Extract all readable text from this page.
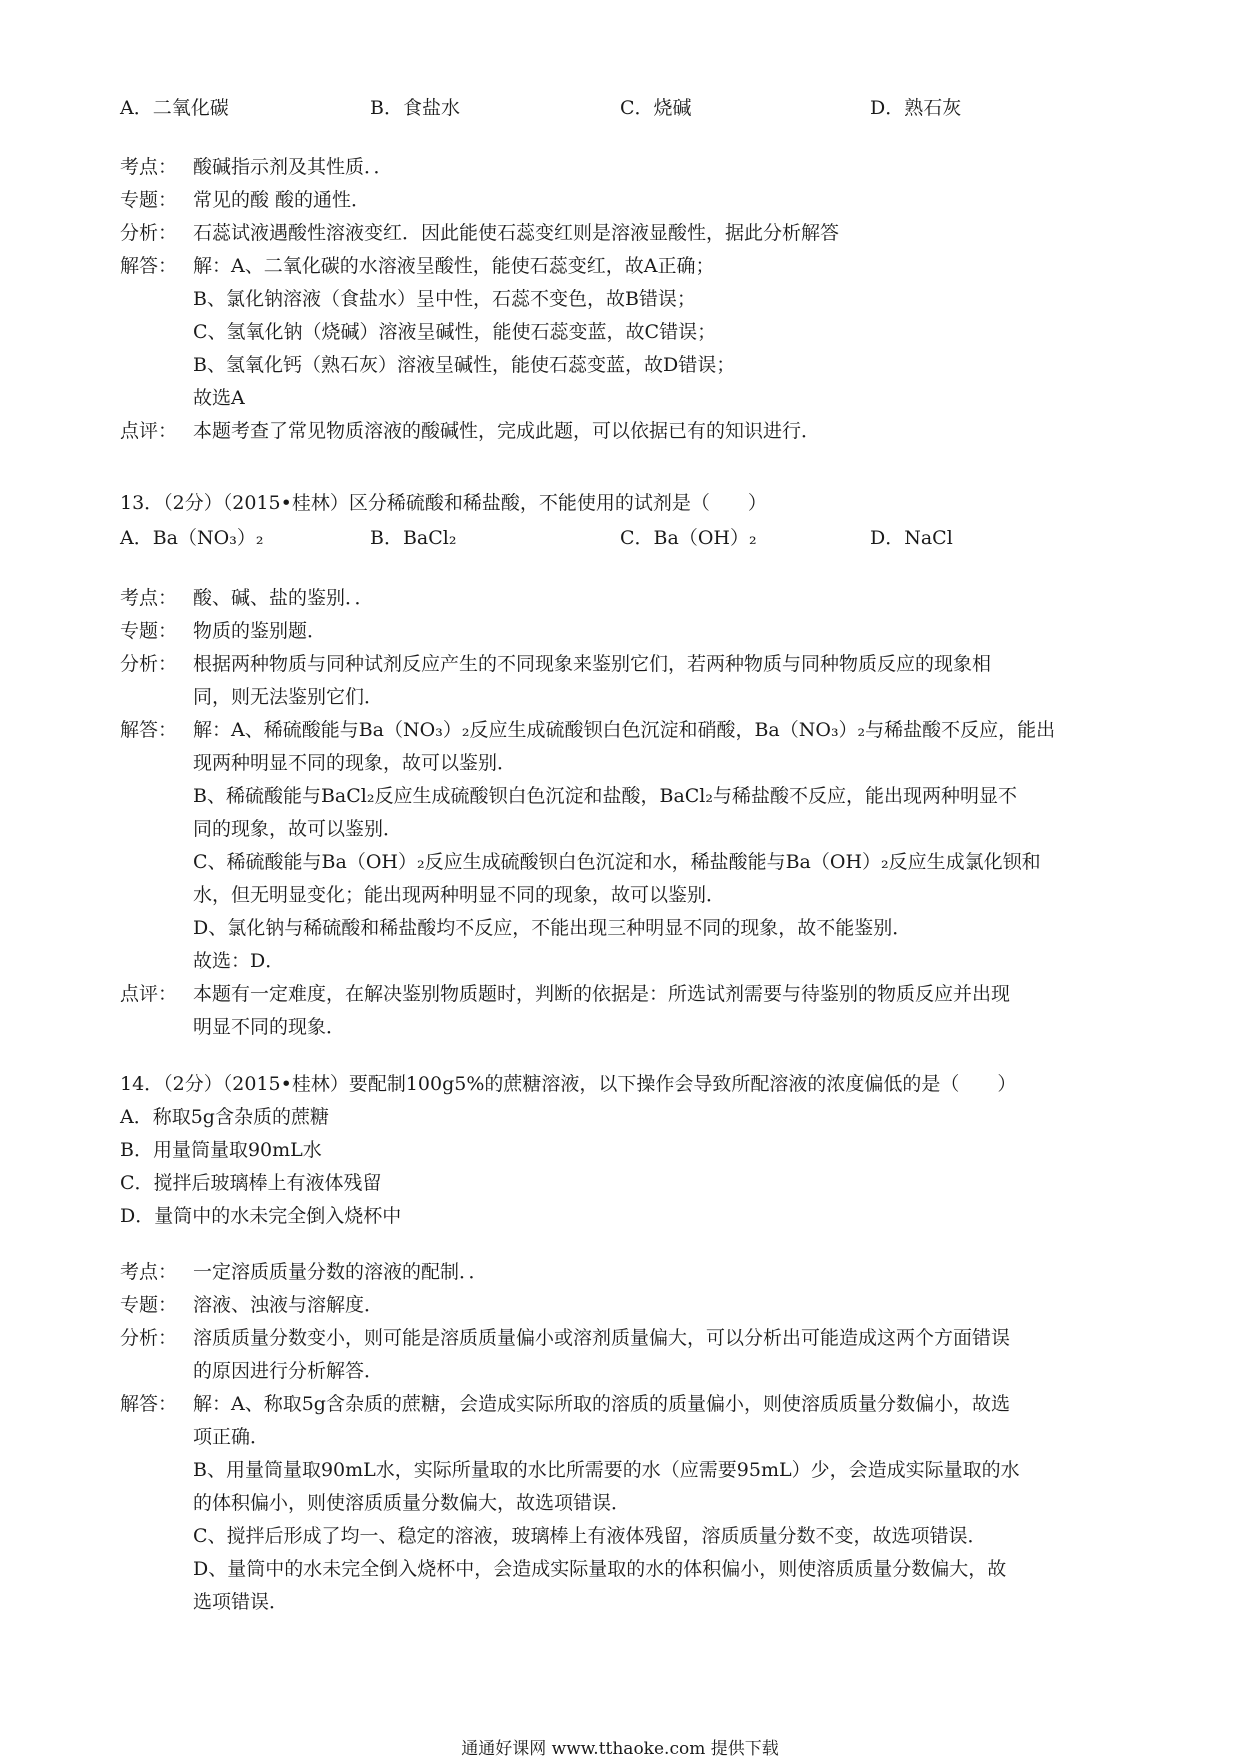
A．二氧化碳	B．食盐水	C．烧碱	D．熟石灰
考点： 酸碱指示剂及其性质．．

专题： 常见的酸 酸的通性．

分析： 石蕊试液遇酸性溶液变红．因此能使石蕊变红则是溶液显酸性，据此分析解答

解答： 解：A、二氧化碳的水溶液呈酸性，能使石蕊变红，故A正确；

B、氯化钠溶液（食盐水）呈中性，石蕊不变色，故B错误；

C、氢氧化钠（烧碱）溶液呈碱性，能使石蕊变蓝，故C错误；

B、氢氧化钙（熟石灰）溶液呈碱性，能使石蕊变蓝，故D错误；

故选A

点评： 本题考查了常见物质溶液的酸碱性，完成此题，可以依据已有的知识进行．

13．（2分）（2015•桂林）区分稀硫酸和稀盐酸，不能使用的试剂是（　　）
A．Ba（NO₃）₂	B．BaCl₂	C．Ba（OH）₂	D．NaCl
考点： 酸、碱、盐的鉴别．．

专题： 物质的鉴别题．

分析： 根据两种物质与同种试剂反应产生的不同现象来鉴别它们，若两种物质与同种物质反应的现象相

同，则无法鉴别它们．

解答： 解：A、稀硫酸能与Ba（NO₃）₂反应生成硫酸钡白色沉淀和硝酸，Ba（NO₃）₂与稀盐酸不反应，能出

现两种明显不同的现象，故可以鉴别．

B、稀硫酸能与BaCl₂反应生成硫酸钡白色沉淀和盐酸，BaCl₂与稀盐酸不反应，能出现两种明显不

同的现象，故可以鉴别．

C、稀硫酸能与Ba（OH）₂反应生成硫酸钡白色沉淀和水，稀盐酸能与Ba（OH）₂反应生成氯化钡和

水，但无明显变化；能出现两种明显不同的现象，故可以鉴别．

D、氯化钠与稀硫酸和稀盐酸均不反应，不能出现三种明显不同的现象，故不能鉴别．

故选：D．

点评： 本题有一定难度，在解决鉴别物质题时，判断的依据是：所选试剂需要与待鉴别的物质反应并出现

明显不同的现象．

14．（2分）（2015•桂林）要配制100g5%的蔗糖溶液，以下操作会导致所配溶液的浓度偏低的是（　　）
A．称取5g含杂质的蔗糖
B．用量筒量取90mL水
C．搅拌后玻璃棒上有液体残留
D．量筒中的水未完全倒入烧杯中
考点： 一定溶质质量分数的溶液的配制．．

专题： 溶液、浊液与溶解度．

分析： 溶质质量分数变小，则可能是溶质质量偏小或溶剂质量偏大，可以分析出可能造成这两个方面错误

的原因进行分析解答．

解答： 解：A、称取5g含杂质的蔗糖，会造成实际所取的溶质的质量偏小，则使溶质质量分数偏小，故选

项正确．

B、用量筒量取90mL水，实际所量取的水比所需要的水（应需要95mL）少，会造成实际量取的水

的体积偏小，则使溶质质量分数偏大，故选项错误．

C、搅拌后形成了均一、稳定的溶液，玻璃棒上有液体残留，溶质质量分数不变，故选项错误．

D、量筒中的水未完全倒入烧杯中，会造成实际量取的水的体积偏小，则使溶质质量分数偏大，故

选项错误．

通通好课网 www.tthaoke.com 提供下载
